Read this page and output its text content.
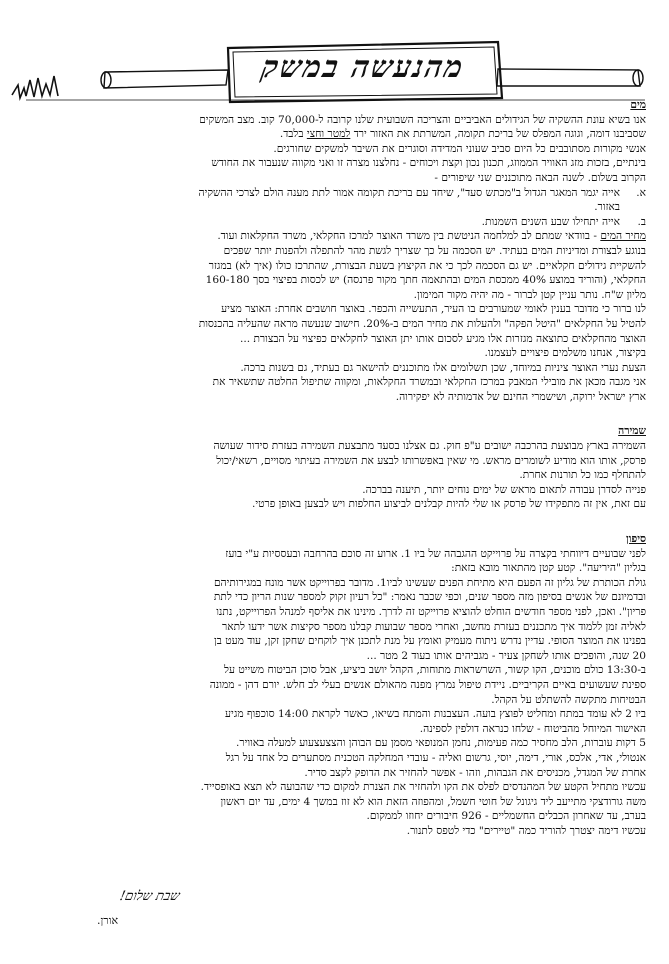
מהנעשה במשק
מים

אנו בשיא עונת ההשקיה של הגידולים האביביים והצריכה השבועית שלנו קרובה ל-70,000 קוב. מצב המשקים

שסביבנו דומה, וגוגה המפלס של בריכת תקומה, המשרתת את האזור ירד למטר וחצי בלבד.

אנשי מקורות מסתובבים כל היום סביב שעוני המדידה וסוגרים את השיבר למשקים שחורגים.

בינתיים, בזכות מזג האוויר הממוזג, תכנון נכון וקצת ויכוחים - נחלצנו מצרה זו ואני מקווה שנעבור את החודש

הקרוב בשלום. לשנה הבאה מתוכננים שני שיפורים -

א.
אייה יגמר המאגר הגדול ב"מכתש סעד", שיחד עם בריכת תקומה אמור לתת מענה הולם לצרכי ההשקיה
באזור.
ב.
אייה יתחילו שבע השנים השמנות.

מחיר המים - בוודאי שמתם לב למלחמה הניטשת בין משרד האוצר למרכז החקלאי, משרד החקלאות ועוד.

בנוגע לבצורת ומדיניות המים בעתיד. יש הסכמה על כך שצריך לגשת מהר להתפלה ולהפנות יותר שפכים

להשקיית גידולים חקלאיים. יש גם הסכמה לכך כי את הקיצוץ בשעת הבצורת, שהתרכז כולו (איך לא) במגזר

החקלאי, (והוריד במוצע 40% ממכסת המים ובהתאמה חתך מקור פרנסה) יש לכסות בפיצוי בסך 160-180

מליון ש"ח. נותר עניין קטן לברור - מה יהיה מקור המימון.

לנו ברור כי מדובר בענין לאומי שמעורבים בו העיר, התעשייה והכפר. באוצר חושבים אחרת: האוצר מציע

להטיל על החקלאים "היטל הפקה" ולהעלות את מחיר המים ב-20%. חישוב שנעשה מראה שהעליה בהכנסות

האוצר מהחקלאים כתוצאה מגזרות אלו מגיע לסכום אותו יתן האוצר לחקלאים כפיצוי על הבצורת ...

בקיצור, אנחנו משלמים פיצויים לעצמנו.

הצעת נערי האוצר ציניות במיוחד, שכן תשלומים אלו מתוכננים להישאר גם בעתיד, גם בשנות ברכה.

אני מגבה מכאן את מובילי המאבק במרכז החקלאי ובמשרד החקלאות, ומקווה שתיפול החלטה שתשאיר את

ארץ ישראל ירוקה, ושישמרי החינם של אדמותיה לא יפקירוה.

שמירה

השמירה בארץ מבוצעת בהרכבה ישובים ע"פ חוק. גם אצלנו בסעד מתבצעת השמירה בעזרת סידור שעושה

פרסק, אותו הוא מודיע לשומרים מראש. מי שאין באפשרותו לבצע את השמירה בעיתוי מסויים, רשאי/יכול

להתחלף כמו כל תורנות אחרת.

פנייה לסדרן עבודה לתאום מראש של ימים נוחים יותר, תיענה בברכה.

עם זאת, אין זה מתפקידו של פרסק או שלי להיות קבלנים לביצוע החלפות ויש לבצען באופן פרטי.

סיפון

לפני שבועיים דיווחתי בקצרה על פרוייקט ההגבהה של ביו 1. ארוע זה סוכם בהרחבה ובעססיות ע"י בועז

בגליון "היריעה". קטע קטן מהתאור מובא בזאת:

גולת הכותרת של גליון זה הפעם היא מתיחת הפנים שעשינו לביו1. מדובר בפרוייקט אשר מונח במגירותיהם

ובדמיונם של אנשים בסיפון מזה מספר שנים, וכפי שכבר נאמר: "כל רעיון זקוק למספר שנות הריון כדי לתת

פריון". ואכן, לפני מספר חודשים הוחלט להוציא פרוייקט זה לדרך. מינינו את אליסף למנהל הפרוייקט, נתנו

לאליה זמן ללמוד איך מתכננים בעזרת מחשב, ואחרי מספר שבועות קבלנו מספר סקיצות אשר ידעו לתאר

בפנינו את המוצר הסופי. עדיין נדרש ניתוח מעמיק ואומץ על מנת לתכנן איך לוקחים שחקן זקן, עוד מעט בן

20 שנה, והופכים אותו לשחקן צעיר - מגביהים אותו בעוד 2 מטר ...

ב-13:30 כולם מוכנים, הקו קשור, השרשראות מתוחות, הקהל יושב ביציע, אבל סוכן הביטוח משייט על

ספינת שעשועים באיים הקריביים. ניידת טיפול נמרץ מפנה מהאולם אנשים בעלי לב חלש. יורם דהן - ממונה

הבטיחות מתקשה להשתלט על הקהל.

ביו 2 לא עומד במתח ומחליט לפוצץ בועה. העצבנות והמתח בשיאו, כאשר לקראת 14:00 סוכפוף מגיע

האישור המיוחל מהביטוח - שלחו כנראה דולפין לספינה.

5 דקות עוברות, הלב מחסיר כמה פעימות, נחמן המנופאי מסמן עם הבוהן והצצעצעוע למעלה באוויר.

אנטולי, אדי, אלכס, אורי, דימה, יוסי, גרשום ואליה - עובדי המחלקה הטכנית מסתערים כל אחד על רגל

אחרת של המגדל, מכניסים את הגבהות, וזהו - אפשר להחזיר את הדופק לקצב סדיר.

עכשיו מתחיל הקטע של המהנדסים לפלס את הקו ולהחזיר את הצנרת למקום כדי שהבועה לא תצא באופסייד.

משה גורודצקי מתייעב ליד גיגונל של חוטי חשמל, ומהפוזה הזאת הוא לא זוז במשך 4 ימים, עד יום ראשון

בערב, עד שאחרון הכבלים החשמליים - 926 חיבורים יחוזו לממקום.

עכשיו דימה יצטרך להוריד כמה "טיירים" כדי לטפס לתנור.

שבת שלום!
אורן.
